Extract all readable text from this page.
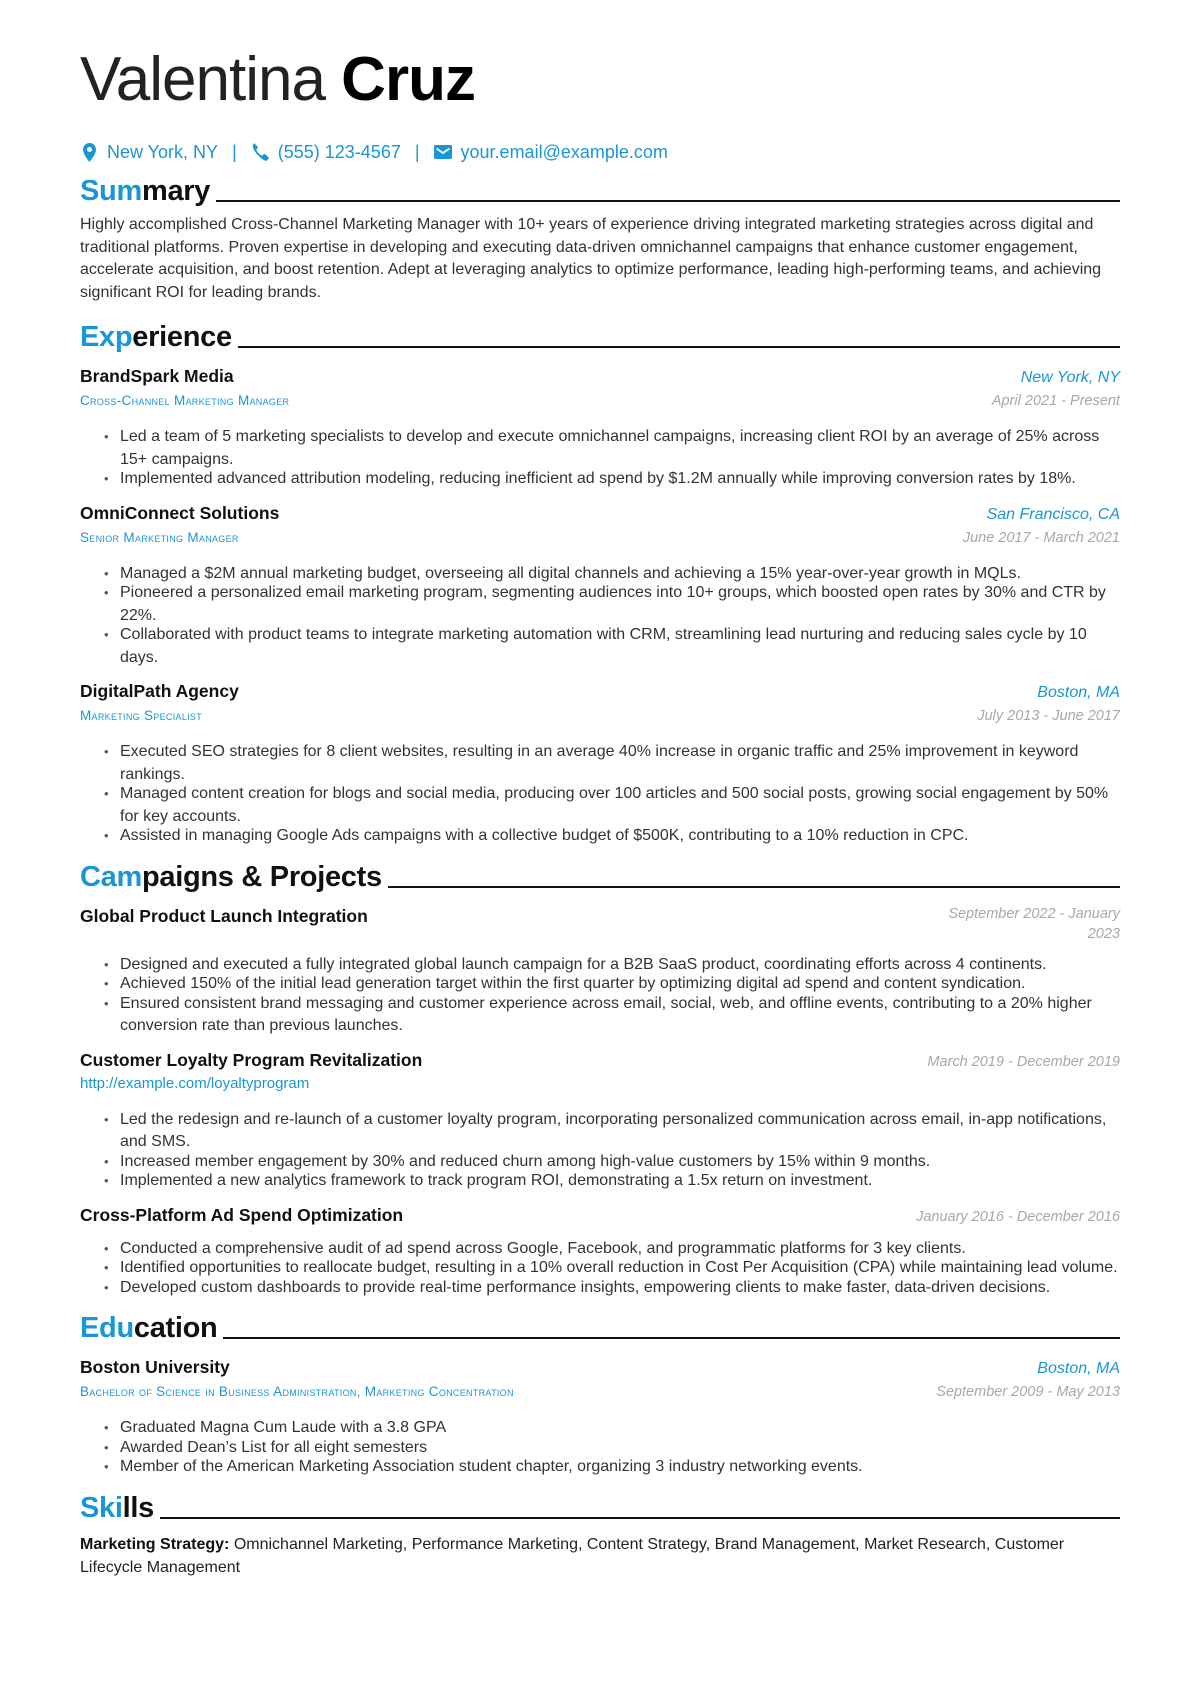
Valentina Cruz
New York, NY | (555) 123-4567 | your.email@example.com
Summary

Highly accomplished Cross-Channel Marketing Manager with 10+ years of experience driving integrated marketing strategies across digital and traditional platforms. Proven expertise in developing and executing data-driven omnichannel campaigns that enhance customer engagement, accelerate acquisition, and boost retention. Adept at leveraging analytics to optimize performance, leading high-performing teams, and achieving significant ROI for leading brands.

Experience
BrandSpark Media	New York, NY
Cross-Channel Marketing Manager	April 2021 - Present
• Led a team of 5 marketing specialists to develop and execute omnichannel campaigns, increasing client ROI by an average of 25% across 15+ campaigns.
• Implemented advanced attribution modeling, reducing inefficient ad spend by $1.2M annually while improving conversion rates by 18%.
OmniConnect Solutions	San Francisco, CA
Senior Marketing Manager	June 2017 - March 2021
• Managed a $2M annual marketing budget, overseeing all digital channels and achieving a 15% year-over-year growth in MQLs.
• Pioneered a personalized email marketing program, segmenting audiences into 10+ groups, which boosted open rates by 30% and CTR by 22%.
• Collaborated with product teams to integrate marketing automation with CRM, streamlining lead nurturing and reducing sales cycle by 10 days.
DigitalPath Agency	Boston, MA
Marketing Specialist	July 2013 - June 2017
• Executed SEO strategies for 8 client websites, resulting in an average 40% increase in organic traffic and 25% improvement in keyword rankings.
• Managed content creation for blogs and social media, producing over 100 articles and 500 social posts, growing social engagement by 50% for key accounts.
• Assisted in managing Google Ads campaigns with a collective budget of $500K, contributing to a 10% reduction in CPC.
Campaigns & Projects
Global Product Launch Integration	September 2022 - January 2023
• Designed and executed a fully integrated global launch campaign for a B2B SaaS product, coordinating efforts across 4 continents.
• Achieved 150% of the initial lead generation target within the first quarter by optimizing digital ad spend and content syndication.
• Ensured consistent brand messaging and customer experience across email, social, web, and offline events, contributing to a 20% higher conversion rate than previous launches.
Customer Loyalty Program Revitalization	March 2019 - December 2019
http://example.com/loyaltyprogram
• Led the redesign and re-launch of a customer loyalty program, incorporating personalized communication across email, in-app notifications, and SMS.
• Increased member engagement by 30% and reduced churn among high-value customers by 15% within 9 months.
• Implemented a new analytics framework to track program ROI, demonstrating a 1.5x return on investment.
Cross-Platform Ad Spend Optimization	January 2016 - December 2016
• Conducted a comprehensive audit of ad spend across Google, Facebook, and programmatic platforms for 3 key clients.
• Identified opportunities to reallocate budget, resulting in a 10% overall reduction in Cost Per Acquisition (CPA) while maintaining lead volume.
• Developed custom dashboards to provide real-time performance insights, empowering clients to make faster, data-driven decisions.
Education
Boston University	Boston, MA
Bachelor of Science in Business Administration, Marketing Concentration	September 2009 - May 2013
• Graduated Magna Cum Laude with a 3.8 GPA
• Awarded Dean’s List for all eight semesters
• Member of the American Marketing Association student chapter, organizing 3 industry networking events.
Skills

Marketing Strategy: Omnichannel Marketing, Performance Marketing, Content Strategy, Brand Management, Market Research, Customer Lifecycle Management
